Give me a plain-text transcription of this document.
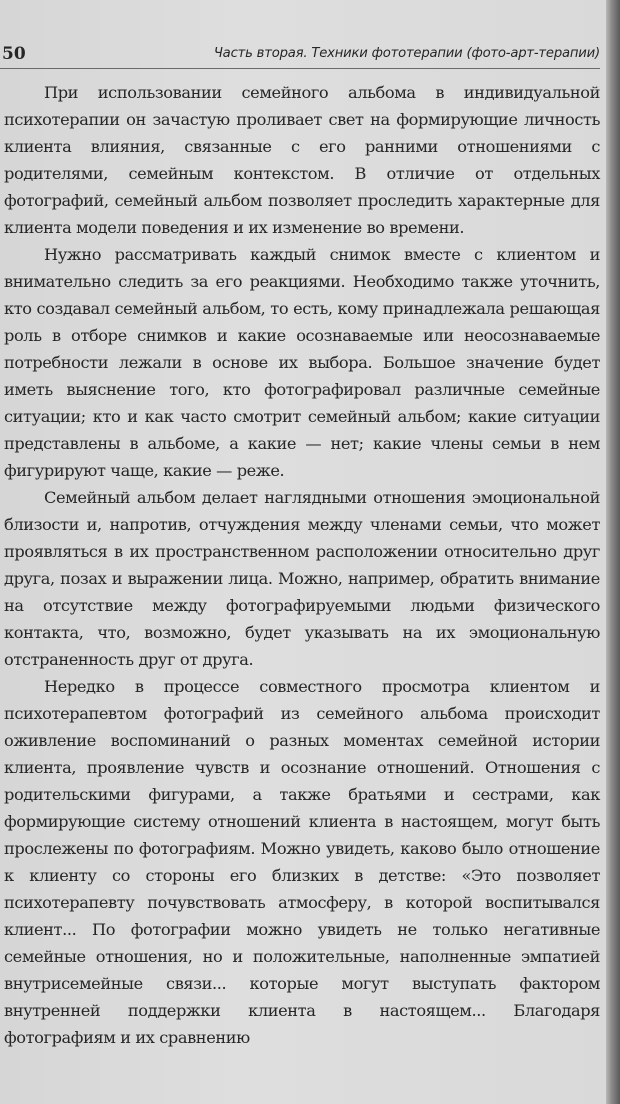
50	Часть вторая. Техники фототерапии (фото-арт-терапии)

При использовании семейного альбома в индивидуальной психотерапии он зачастую проливает свет на формирующие личность клиента влияния, связанные с его ранними отношениями с родителями, семейным контекстом. В отличие от отдельных фотографий, семейный альбом позволяет проследить характерные для клиента модели поведения и их изменение во времени.

Нужно рассматривать каждый снимок вместе с клиентом и внимательно следить за его реакциями. Необходимо также уточнить, кто создавал семейный альбом, то есть, кому принадлежала решающая роль в отборе снимков и какие осознаваемые или неосознаваемые потребности лежали в основе их выбора. Большое значение будет иметь выяснение того, кто фотографировал различные семейные ситуации; кто и как часто смотрит семейный альбом; какие ситуации представлены в альбоме, а какие — нет; какие члены семьи в нем фигурируют чаще, какие — реже.

Семейный альбом делает наглядными отношения эмоциональной близости и, напротив, отчуждения между членами семьи, что может проявляться в их пространственном расположении относительно друг друга, позах и выражении лица. Можно, например, обратить внимание на отсутствие между фотографируемыми людьми физического контакта, что, возможно, будет указывать на их эмоциональную отстраненность друг от друга.

Нередко в процессе совместного просмотра клиентом и психотерапевтом фотографий из семейного альбома происходит оживление воспоминаний о разных моментах семейной истории клиента, проявление чувств и осознание отношений. Отношения с родительскими фигурами, а также братьями и сестрами, как формирующие систему отношений клиента в настоящем, могут быть прослежены по фотографиям. Можно увидеть, каково было отношение к клиенту со стороны его близких в детстве: «Это позволяет психотерапевту почувствовать атмосферу, в которой воспитывался клиент... По фотографии можно увидеть не только негативные семейные отношения, но и положительные, наполненные эмпатией внутрисемейные связи... которые могут выступать фактором внутренней поддержки клиента в настоящем... Благодаря фотографиям и их сравнению
